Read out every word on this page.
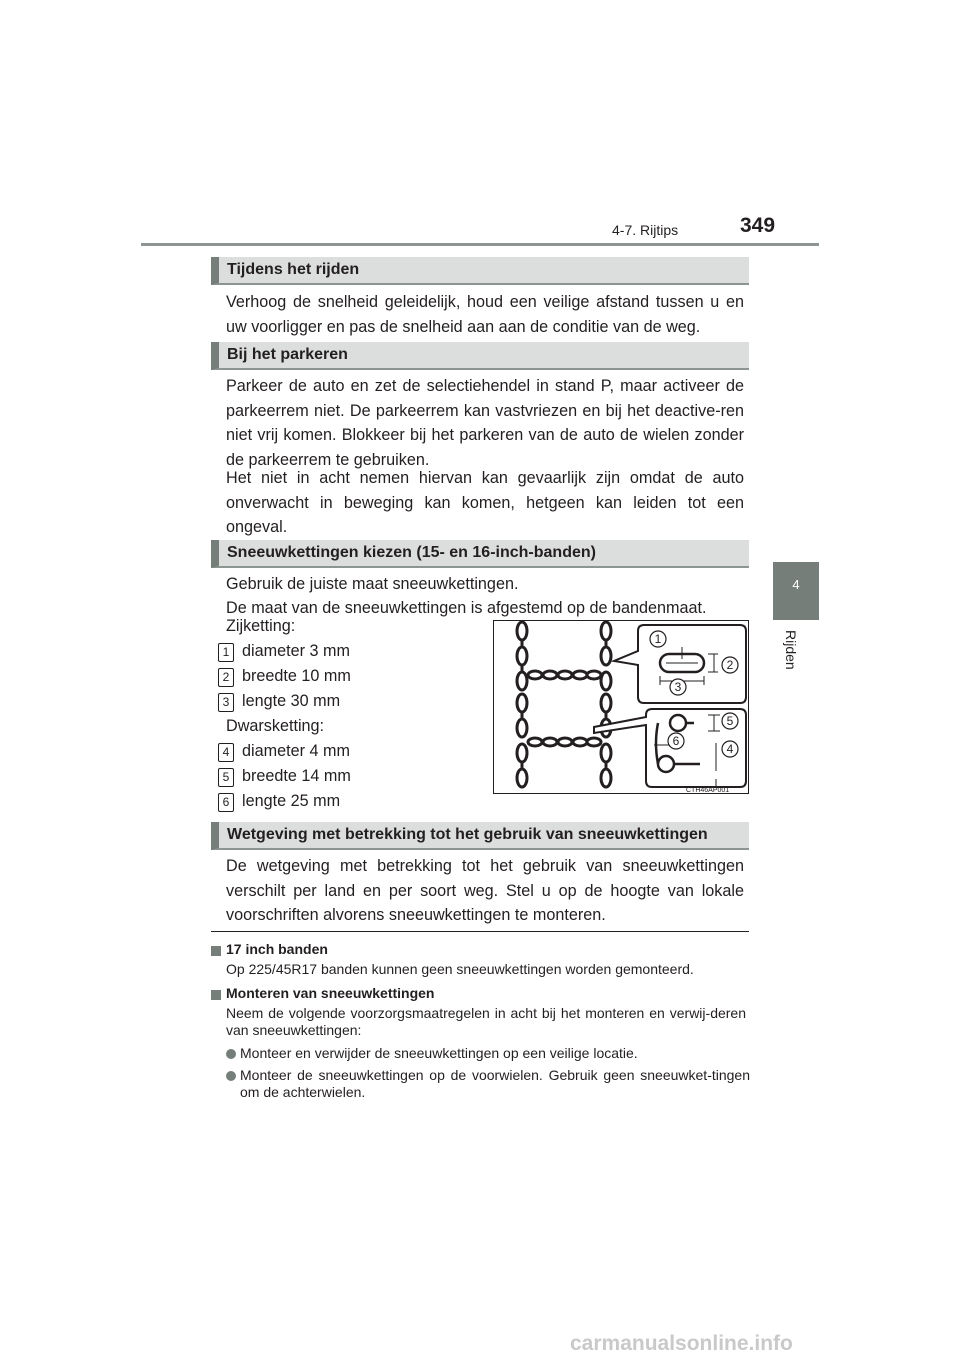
4-7. Rijtips	349
4
Rijden
Tijdens het rijden
Verhoog de snelheid geleidelijk, houd een veilige afstand tussen u en uw voorligger en pas de snelheid aan aan de conditie van de weg.
Bij het parkeren
Parkeer de auto en zet de selectiehendel in stand P, maar activeer de parkeerrem niet. De parkeerrem kan vastvriezen en bij het deactive-ren niet vrij komen. Blokkeer bij het parkeren van de auto de wielen zonder de parkeerrem te gebruiken.
Het niet in acht nemen hiervan kan gevaarlijk zijn omdat de auto onverwacht in beweging kan komen, hetgeen kan leiden tot een ongeval.
Sneeuwkettingen kiezen (15- en 16-inch-banden)
Gebruik de juiste maat sneeuwkettingen.
De maat van de sneeuwkettingen is afgestemd op de bandenmaat.
Zijketting:
1 diameter 3 mm
2 breedte 10 mm
3 lengte 30 mm
Dwarsketting:
4 diameter 4 mm
5 breedte 14 mm
6 lengte 25 mm
1
2
3
5
6
4
CTH46AP001
Wetgeving met betrekking tot het gebruik van sneeuwkettingen
De wetgeving met betrekking tot het gebruik van sneeuwkettingen verschilt per land en per soort weg. Stel u op de hoogte van lokale voorschriften alvorens sneeuwkettingen te monteren.
17 inch banden
Op 225/45R17 banden kunnen geen sneeuwkettingen worden gemonteerd.
Monteren van sneeuwkettingen
Neem de volgende voorzorgsmaatregelen in acht bij het monteren en verwij-deren van sneeuwkettingen:
Monteer en verwijder de sneeuwkettingen op een veilige locatie.
Monteer de sneeuwkettingen op de voorwielen. Gebruik geen sneeuwket-tingen om de achterwielen.
carmanualsonline.info
